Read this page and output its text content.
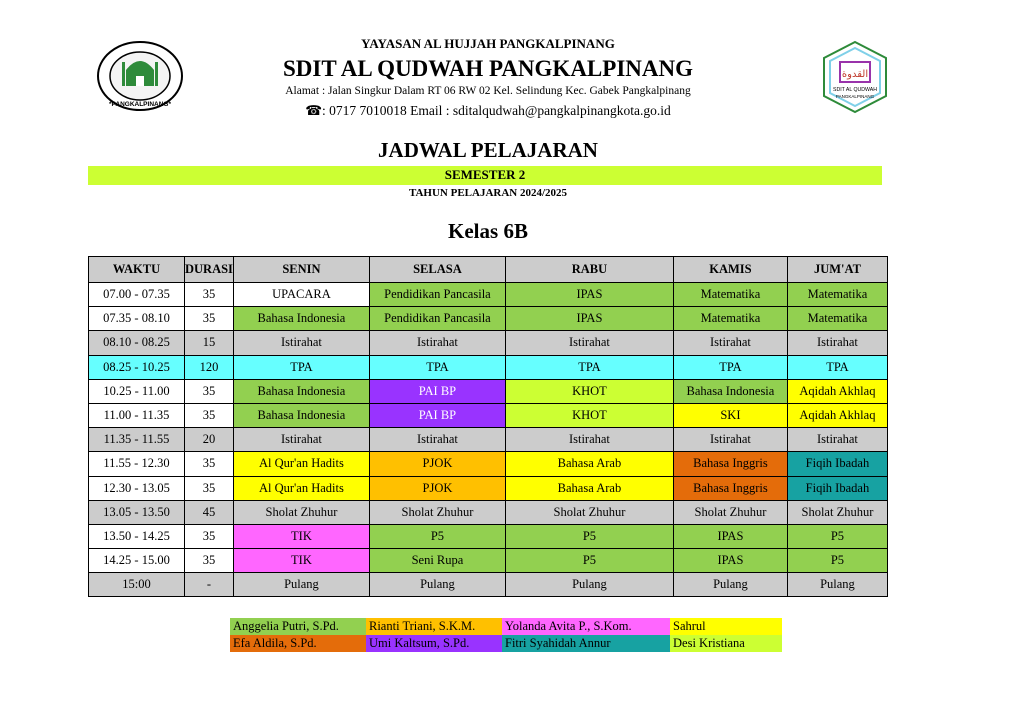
*PANGKALPINANG*
القدوة
SDIT AL QUDWAH
PANGKALPINANG
YAYASAN AL HUJJAH PANGKALPINANG
SDIT AL QUDWAH PANGKALPINANG
Alamat : Jalan Singkur Dalam RT 06 RW 02 Kel. Selindung Kec. Gabek Pangkalpinang
☎: 0717 7010018 Email : sditalqudwah@pangkalpinangkota.go.id
JADWAL PELAJARAN
SEMESTER 2
TAHUN PELAJARAN 2024/2025
Kelas 6B
WAKTU	DURASI	SENIN	SELASA	RABU	KAMIS	JUM'AT
07.00 - 07.35	35	UPACARA	Pendidikan Pancasila	IPAS	Matematika	Matematika
07.35 - 08.10	35	Bahasa Indonesia	Pendidikan Pancasila	IPAS	Matematika	Matematika
08.10 - 08.25	15	Istirahat	Istirahat	Istirahat	Istirahat	Istirahat
08.25 - 10.25	120	TPA	TPA	TPA	TPA	TPA
10.25 - 11.00	35	Bahasa Indonesia	PAI BP	KHOT	Bahasa Indonesia	Aqidah Akhlaq
11.00 - 11.35	35	Bahasa Indonesia	PAI BP	KHOT	SKI	Aqidah Akhlaq
11.35 - 11.55	20	Istirahat	Istirahat	Istirahat	Istirahat	Istirahat
11.55 - 12.30	35	Al Qur'an Hadits	PJOK	Bahasa Arab	Bahasa Inggris	Fiqih Ibadah
12.30 - 13.05	35	Al Qur'an Hadits	PJOK	Bahasa Arab	Bahasa Inggris	Fiqih Ibadah
13.05 - 13.50	45	Sholat Zhuhur	Sholat Zhuhur	Sholat Zhuhur	Sholat Zhuhur	Sholat Zhuhur
13.50 - 14.25	35	TIK	P5	P5	IPAS	P5
14.25 - 15.00	35	TIK	Seni Rupa	P5	IPAS	P5
15:00	-	Pulang	Pulang	Pulang	Pulang	Pulang
Anggelia Putri, S.Pd.	Rianti Triani, S.K.M.	Yolanda Avita P., S.Kom.	Sahrul
Efa Aldila, S.Pd.	Umi Kaltsum, S.Pd.	Fitri Syahidah Annur	Desi Kristiana
